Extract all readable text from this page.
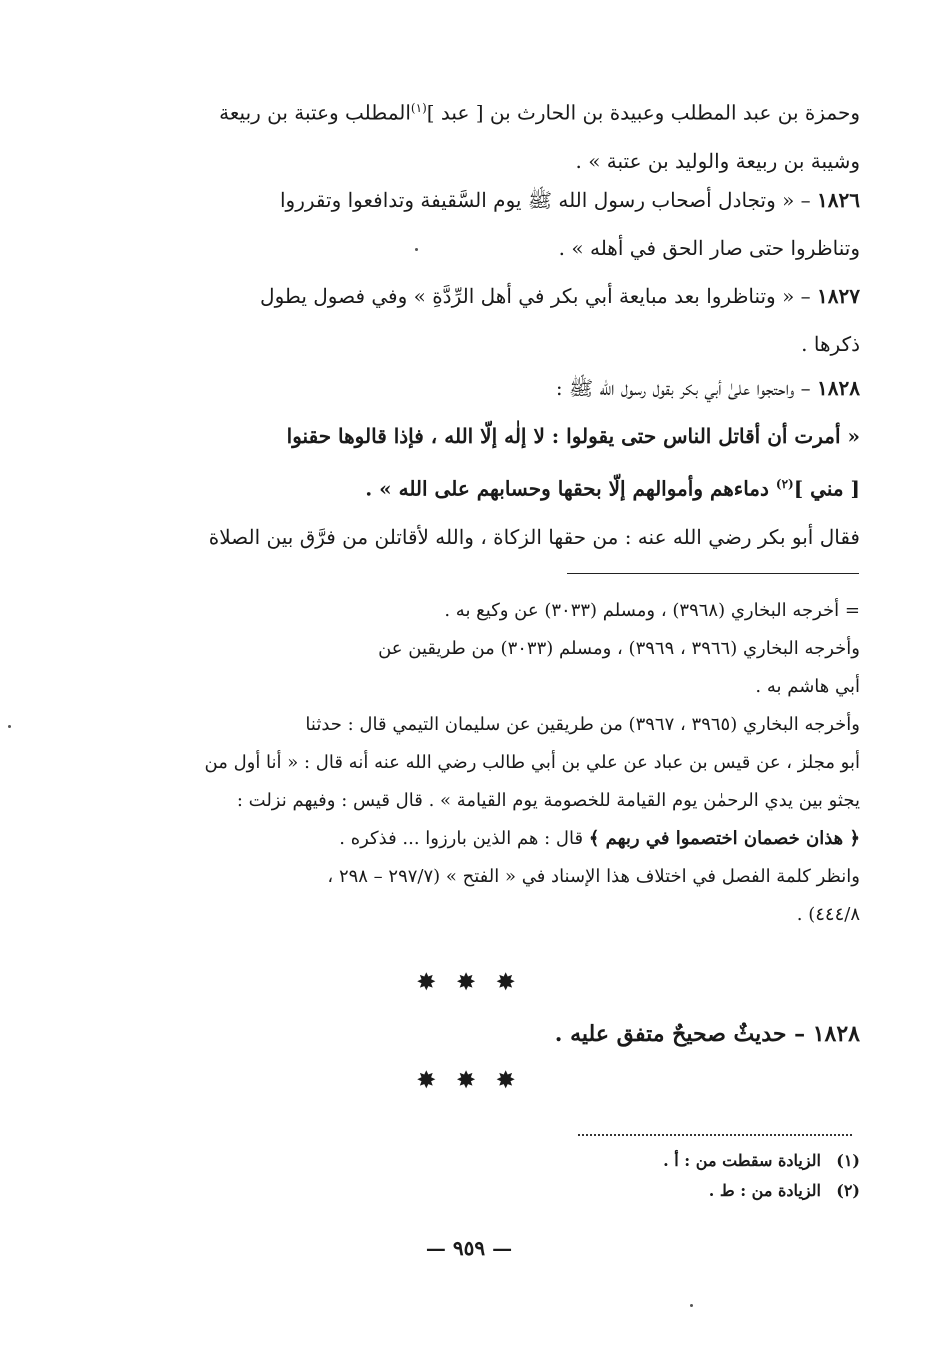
وحمزة بن عبد المطلب وعبيدة بن الحارث بن [ عبد ]$^{(١)}$المطلب وعتبة بن ربيعة
وشيبة بن ربيعة والوليد بن عتبة » .
١٨٢٦ – « وتجادل أصحاب رسول الله ﷺ يوم السَّقيفة وتدافعوا وتقرروا
وتناظروا حتى صار الحق في أهله » .
١٨٢٧ – « وتناظروا بعد مبايعة أبي بكر في أهل الرِّدَّةِ » وفي فصول يطول
ذكرها .
١٨٢٨ – واحتجوا علىٰ أبي بكر بقول رسول الله ﷺ :
« أمرت أن أقاتل الناس حتى يقولوا : لا إلٰه إلّا الله ، فإذا قالوها حقنوا
[ مني ]$^{(٢)}$ دماءهم وأموالهم إلّا بحقها وحسابهم على الله » .
فقال أبو بكر رضي الله عنه : من حقها الزكاة ، والله لأقاتلن من فرَّق بين الصلاة
= أخرجه البخاري (٣٩٦٨) ، ومسلم (٣٠٣٣) عن وكيع به .
وأخرجه البخاري (٣٩٦٦ ، ٣٩٦٩) ، ومسلم (٣٠٣٣) من طريقين عن
أبي هاشم به .
وأخرجه البخاري (٣٩٦٥ ، ٣٩٦٧) من طريقين عن سليمان التيمي قال : حدثنا
أبو مجلز ، عن قيس بن عباد عن علي بن أبي طالب رضي الله عنه أنه قال : « أنا أول من
يجثو بين يدي الرحمٰن يوم القيامة للخصومة يوم القيامة » . قال قيس : وفيهم نزلت :
﴿ هذان خصمان اختصموا في ربهم ﴾ قال : هم الذين بارزوا ... فذكره .
وانظر كلمة الفصل في اختلاف هذا الإسناد في « الفتح » (٢٩٧/٧ – ٢٩٨ ،
٤٤٤/٨) .
✸ ✸ ✸
١٨٢٨ – حديثٌ صحيحٌ متفق عليه .
✸ ✸ ✸
(١)   الزيادة سقطت من : أ .
(٢)   الزيادة من : ط .
— ٩٥٩ —
